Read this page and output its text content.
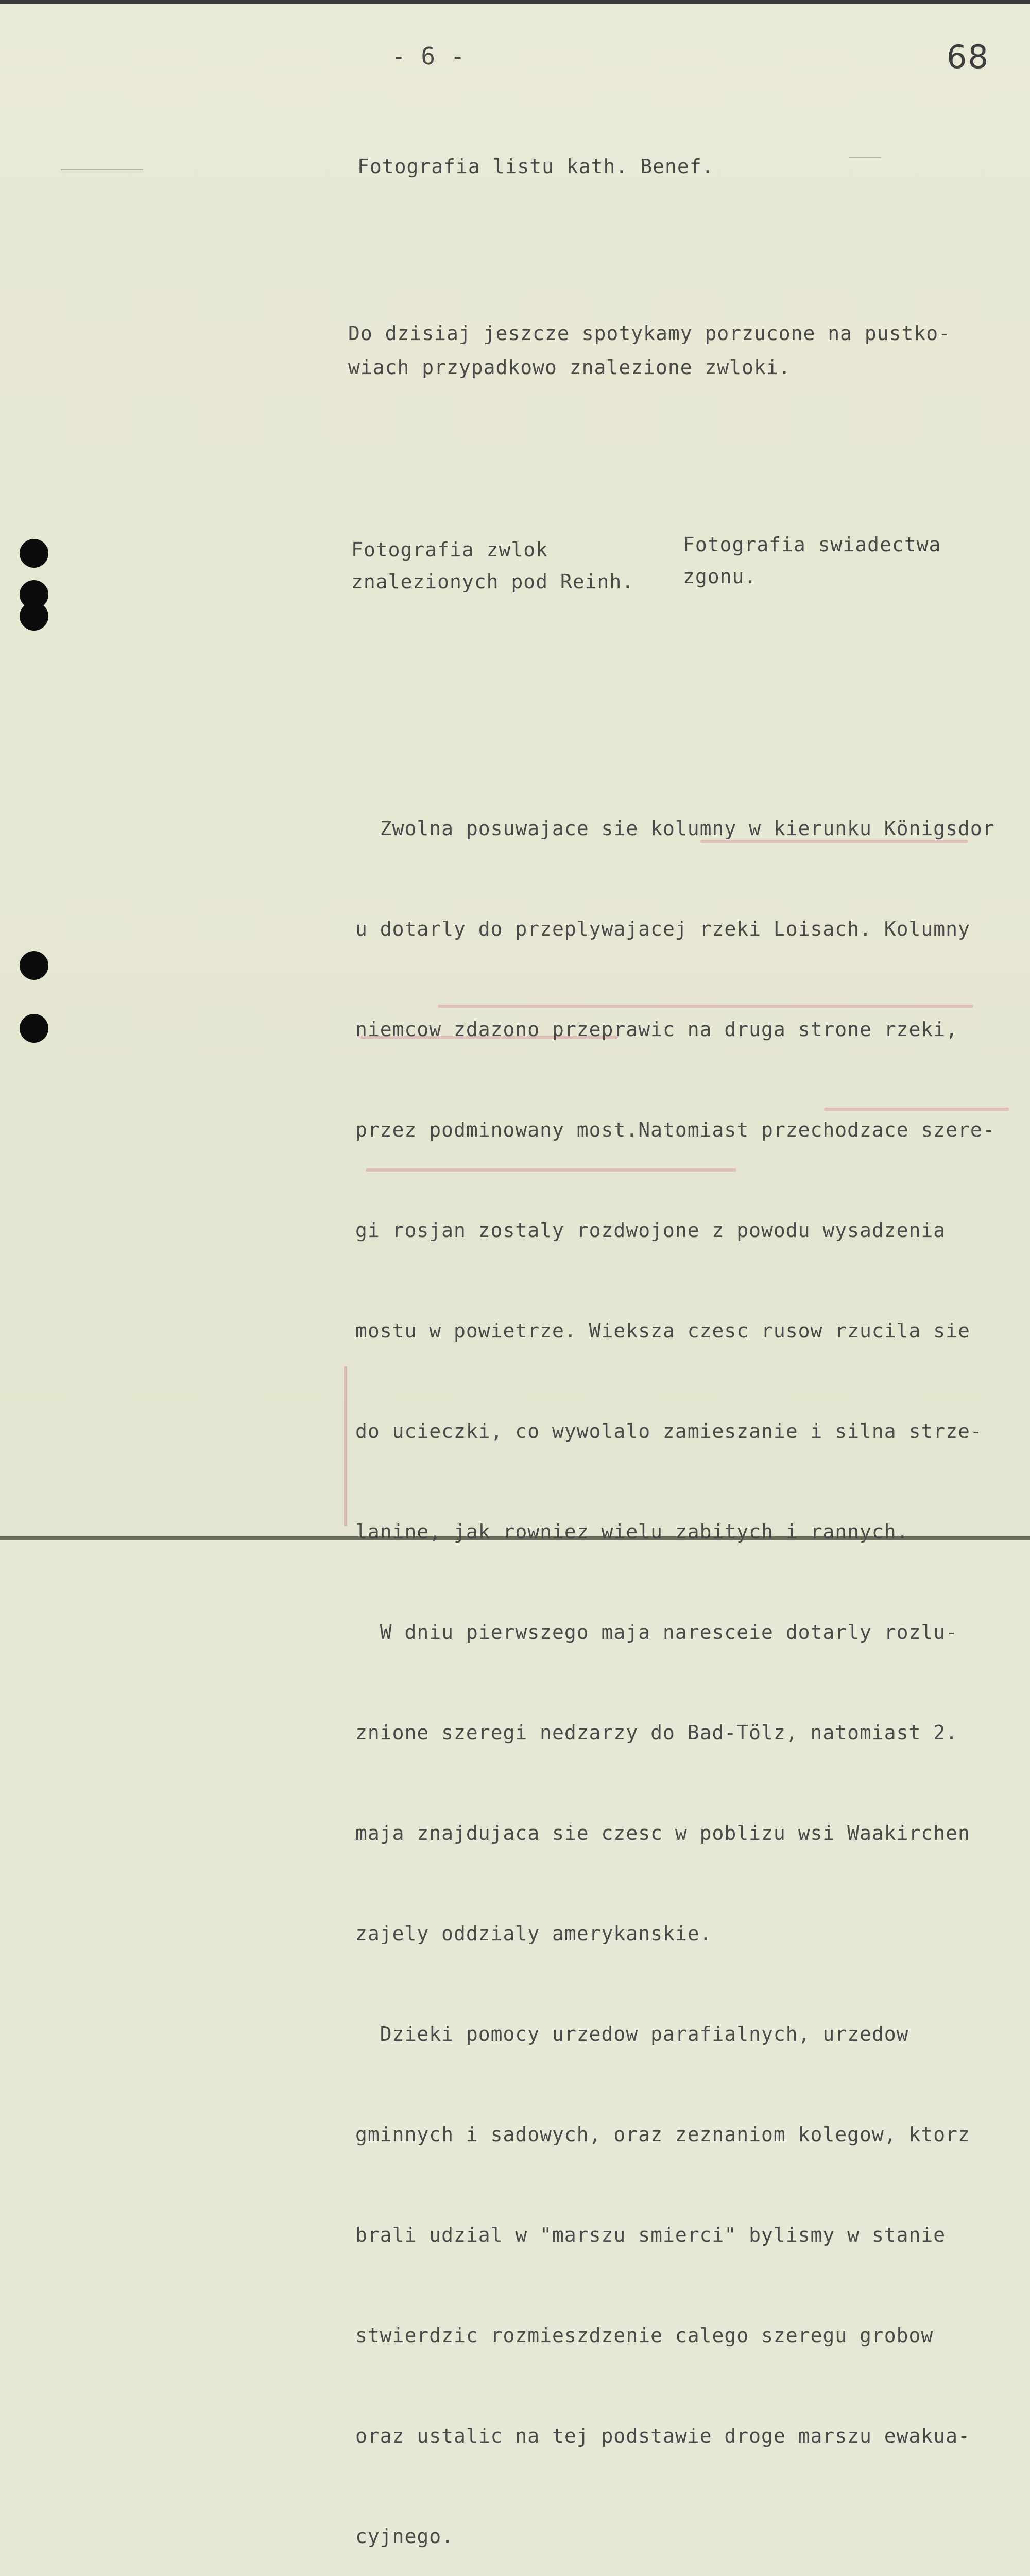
- 6 -	68
Fotografia listu kath. Benef.
Do dzisiaj jeszcze spotykamy porzucone na pustko-
wiach przypadkowo znalezione zwloki.
Fotografia zwlok
znalezionych pod Reinh.
Fotografia swiadectwa
zgonu.

Zwolna posuwajace sie kolumny w kierunku Königsdor

u dotarly do przeplywajacej rzeki Loisach. Kolumny

niemcow zdazono przeprawic na druga strone rzeki,

przez podminowany most.Natomiast przechodzace szere-

gi rosjan zostaly rozdwojone z powodu wysadzenia

mostu w powietrze. Wieksza czesc rusow rzucila sie

do ucieczki, co wywolalo zamieszanie i silna strze-

lanine, jak rowniez wielu zabitych i rannych.

W dniu pierwszego maja naresceie dotarly rozlu-

znione szeregi nedzarzy do Bad-Tölz, natomiast 2.

maja znajdujaca sie czesc w poblizu wsi Waakirchen

zajely oddzialy amerykanskie.

Dzieki pomocy urzedow parafialnych, urzedow

gminnych i sadowych, oraz zeznaniom kolegow, ktorz

brali udzial w "marszu smierci" bylismy w stanie

stwierdzic rozmieszdzenie calego szeregu grobow

oraz ustalic na tej podstawie droge marszu ewakua-

cyjnego.
